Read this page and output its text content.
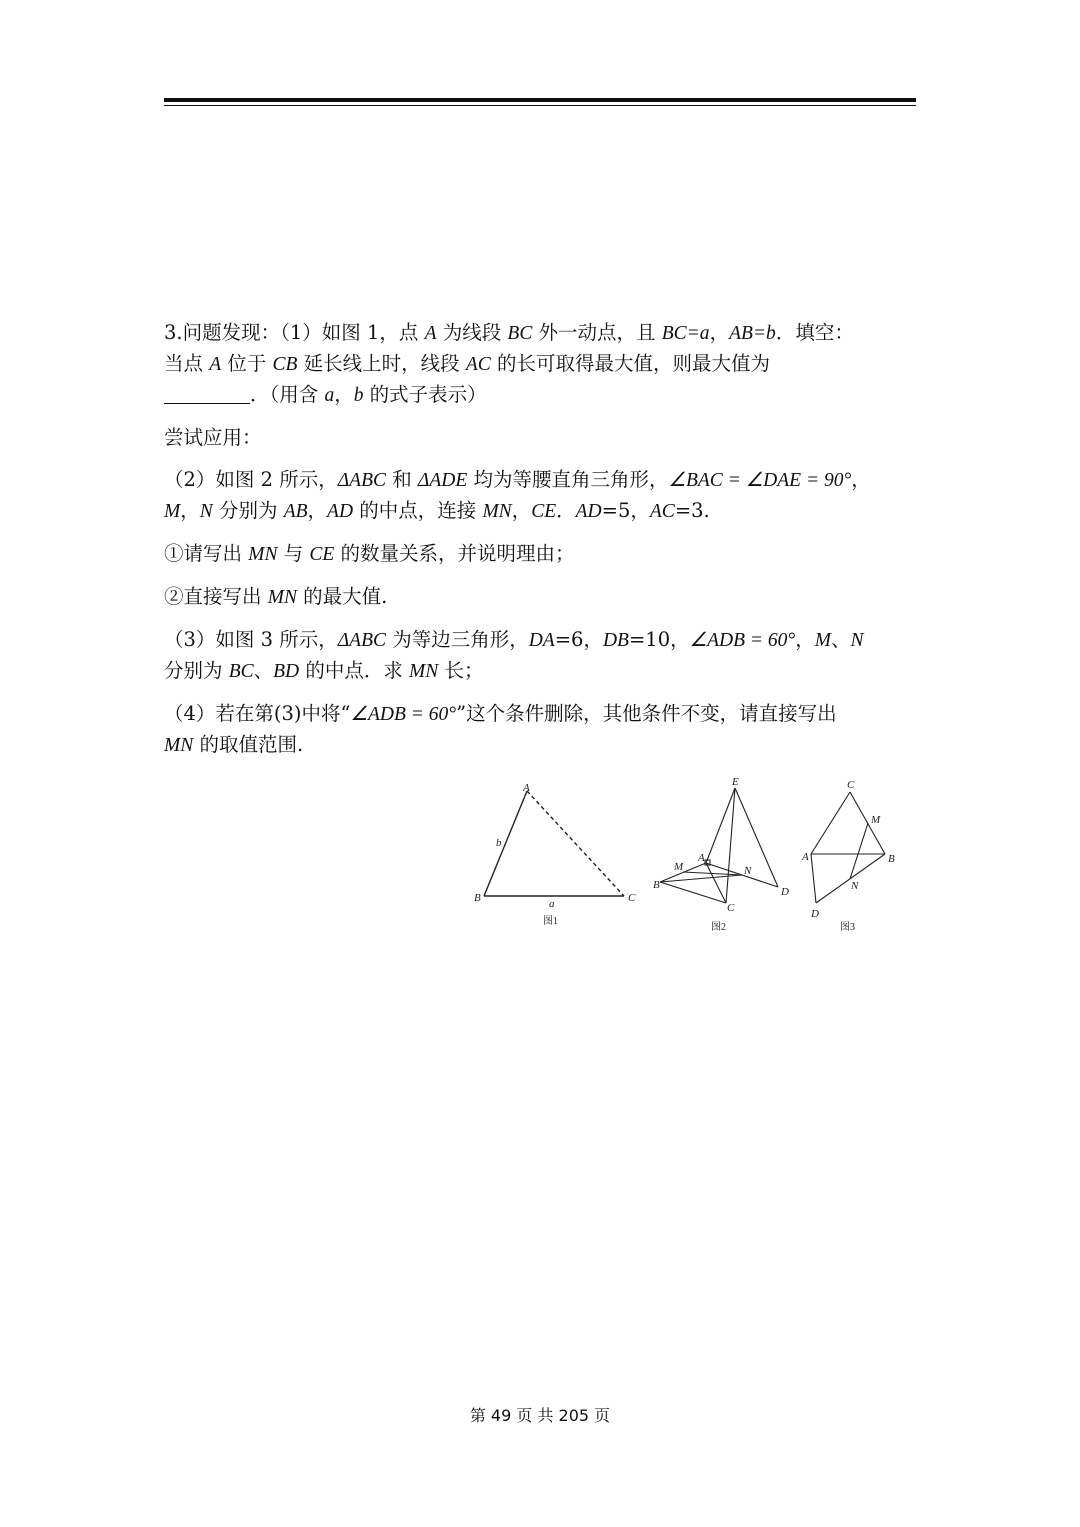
3.问题发现：（1）如图 1，点 A 为线段 BC 外一动点，且 BC=a，AB=b．填空：
当点 A 位于 CB 延长线上时，线段 AC 的长可取得最大值，则最大值为
．（用含 a，b 的式子表示）
尝试应用：
（2）如图 2 所示，ΔABC 和 ΔADE 均为等腰直角三角形，∠BAC = ∠DAE = 90°，
M，N 分别为 AB，AD 的中点，连接 MN，CE．AD=5，AC=3.
①请写出 MN 与 CE 的数量关系，并说明理由；
②直接写出 MN 的最大值.
（3）如图 3 所示，ΔABC 为等边三角形，DA=6，DB=10，∠ADB = 60°，M、N
分别为 BC、BD 的中点．求 MN 长；
（4）若在第(3)中将“∠ADB = 60°”这个条件删除，其他条件不变，请直接写出
MN 的取值范围.
A
B	C
b
a
图1
E
A
M	N
B
C
D
图2
C
M
A	B
N
D
图3
第 49 页 共 205 页
